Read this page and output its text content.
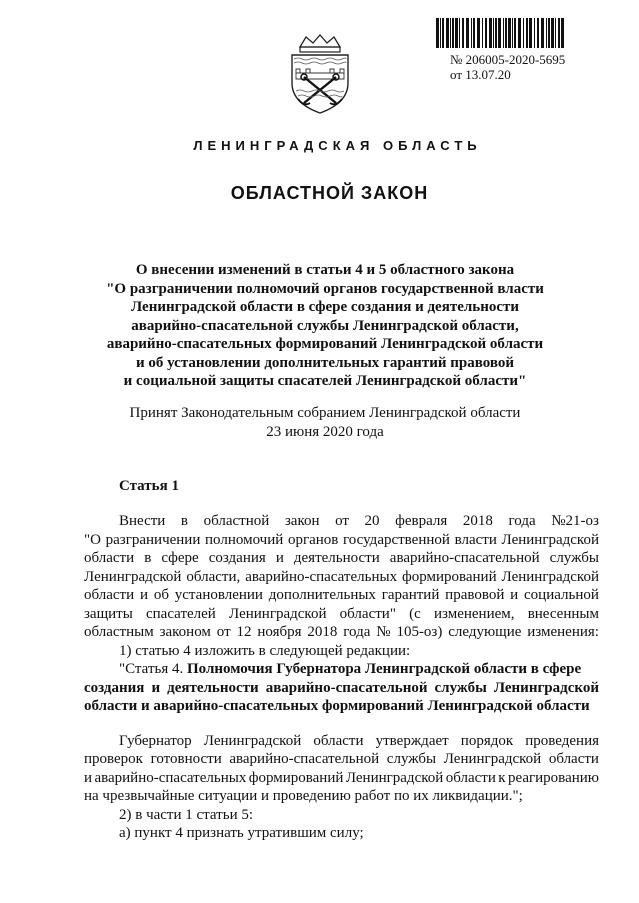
№ 206005-2020-5695
от 13.07.20
ЛЕНИНГРАДСКАЯ ОБЛАСТЬ
ОБЛАСТНОЙ ЗАКОН
О внесении изменений в статьи 4 и 5 областного закона
"О разграничении полномочий органов государственной власти
Ленинградской области в сфере создания и деятельности
аварийно-спасательной службы Ленинградской области,
аварийно-спасательных формирований Ленинградской области
и об установлении дополнительных гарантий правовой
и социальной защиты спасателей Ленинградской области"
Принят Законодательным собранием Ленинградской области
23 июня 2020 года
Статья 1
Внести в областной закон от 20 февраля 2018 года №21-оз
"О разграничении полномочий органов государственной власти Ленинградской
области в сфере создания и деятельности аварийно-спасательной службы
Ленинградской области, аварийно-спасательных формирований Ленинградской
области и об установлении дополнительных гарантий правовой и социальной
защиты спасателей Ленинградской области" (с изменением, внесенным
областным законом от 12 ноября 2018 года № 105-оз) следующие изменения:
1) статью 4 изложить в следующей редакции:
"Статья 4.
Полномочия Губернатора Ленинградской области в сфере
создания и деятельности аварийно-спасательной службы Ленинградской
области и аварийно-спасательных формирований Ленинградской области
Губернатор Ленинградской области утверждает порядок проведения
проверок готовности аварийно-спасательной службы Ленинградской области
и аварийно-спасательных формирований Ленинградской области к реагированию
на чрезвычайные ситуации и проведению работ по их ликвидации.";
2) в части 1 статьи 5:
а) пункт 4 признать утратившим силу;
